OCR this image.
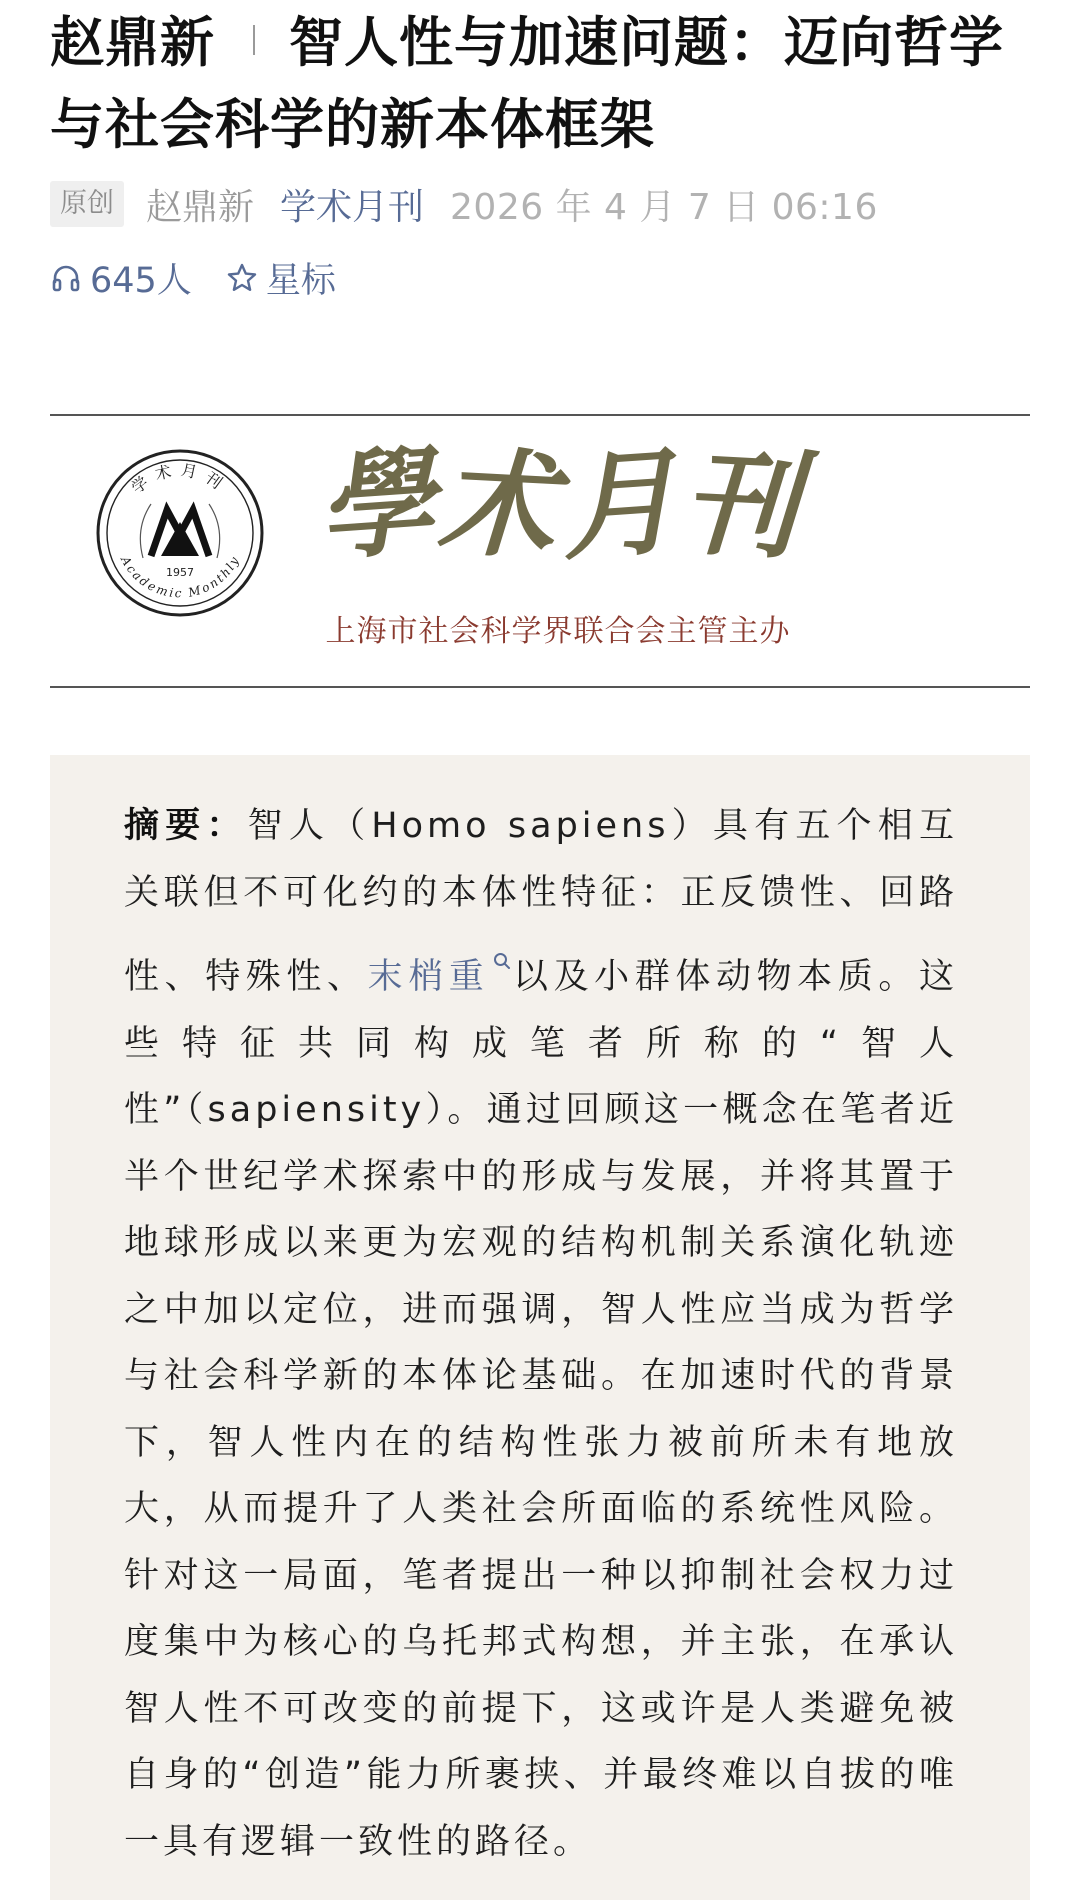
赵鼎新 智人性与加速问题：迈向哲学与社会科学的新本体框架
原创 赵鼎新 学术月刊 2026 年 4 月 7 日 06:16
645人 星标
学术月刊
Academic Monthly
1957 學
术
月
刊
上海市社会科学界联合会主管主办

摘要：智人（Homo sapiens）具有五个相互关联但不可化约的本体性特征：正反馈性、回路性、特殊性、末梢重 以及小群体动物本质。这些特征共同构成笔者所称的“智人性”（sapiensity）。通过回顾这一概念在笔者近半个世纪学术探索中的形成与发展，并将其置于地球形成以来更为宏观的结构机制关系演化轨迹之中加以定位，进而强调，智人性应当成为哲学与社会科学新的本体论基础。在加速时代的背景下，智人性内在的结构性张力被前所未有地放大，从而提升了人类社会所面临的系统性风险。针对这一局面，笔者提出一种以抑制社会权力过度集中为核心的乌托邦式构想，并主张，在承认智人性不可改变的前提下，这或许是人类避免被自身的“创造”能力所裹挟、并最终难以自拔的唯一具有逻辑一致性的路径。
